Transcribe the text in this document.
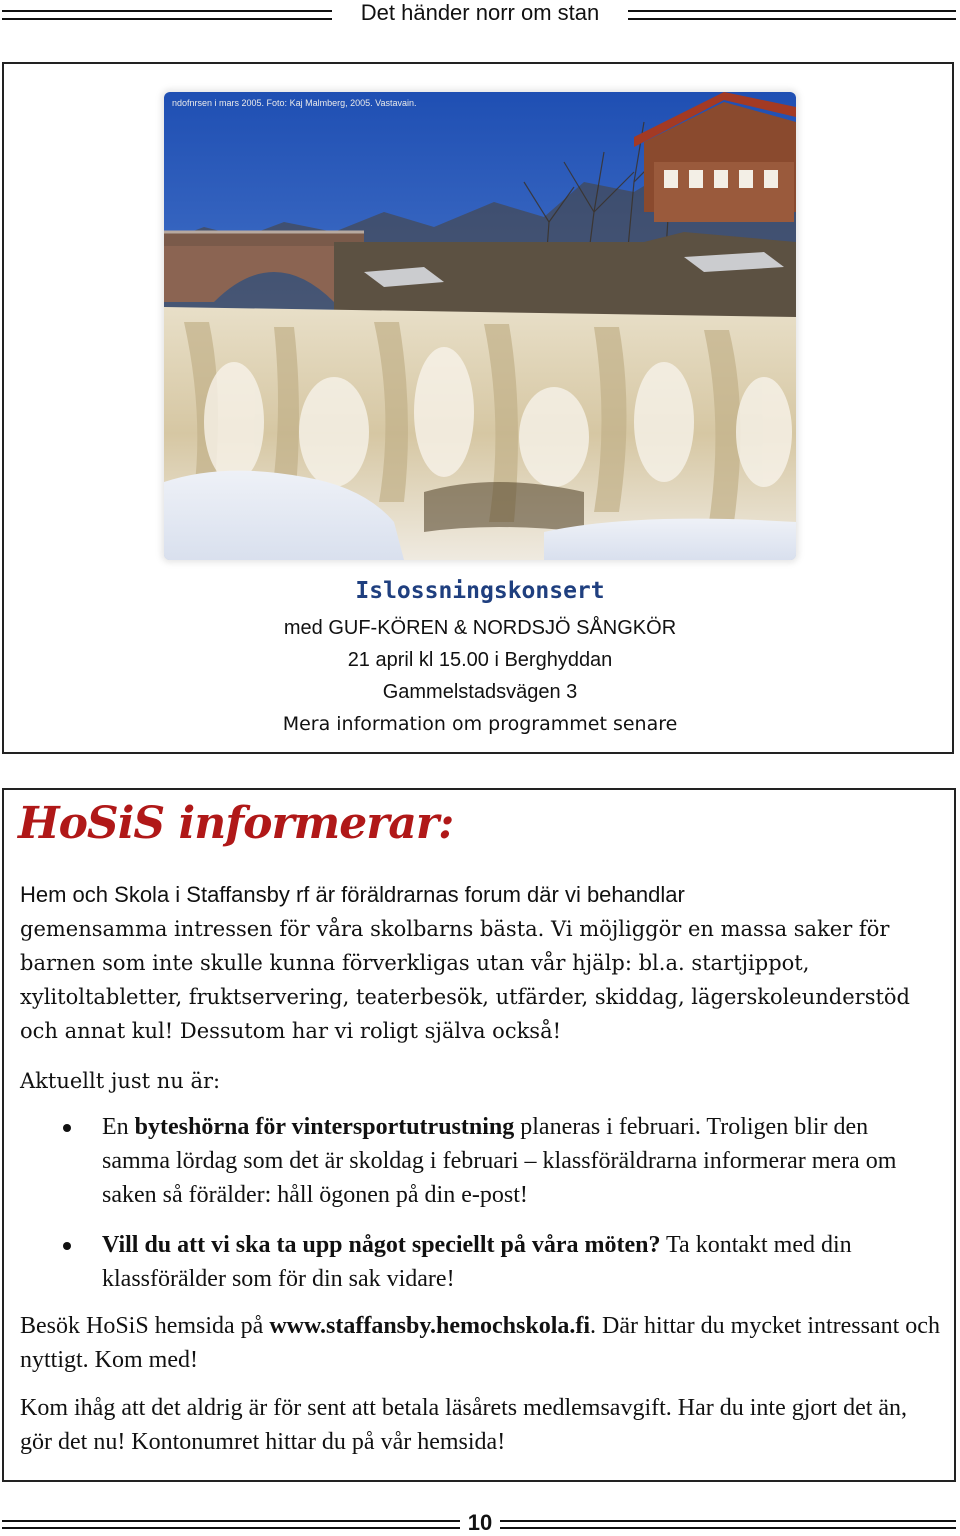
Det händer norr om stan
ndofnrsen i mars 2005. Foto: Kaj Malmberg, 2005. Vastavain.
Islossningskonsert
med GUF-KÖREN & NORDSJÖ SÅNGKÖR
21 april kl 15.00 i Berghyddan
Gammelstadsvägen 3
Mera information om programmet senare
HoSiS informerar:
Hem och Skola i Staffansby rf är föräldrarnas forum där vi behandlar
gemensamma intressen för våra skolbarns bästa. Vi möjliggör en massa saker för barnen som inte skulle kunna förverkligas utan vår hjälp: bl.a. startjippot, xylitoltabletter, fruktservering, teaterbesök, utfärder, skiddag, lägerskoleunderstöd och annat kul! Dessutom har vi roligt själva också!
Aktuellt just nu är:
En byteshörna för vintersportutrustning planeras i februari. Troligen blir den samma lördag som det är skoldag i februari – klassföräldrarna informerar mera om saken så förälder: håll ögonen på din e-post!
Vill du att vi ska ta upp något speciellt på våra möten? Ta kontakt med din klassförälder som för din sak vidare!
Besök HoSiS hemsida på www.staffansby.hemochskola.fi. Där hittar du mycket intressant och nyttigt. Kom med!
Kom ihåg att det aldrig är för sent att betala läsårets medlemsavgift. Har du inte gjort det än, gör det nu! Kontonumret hittar du på vår hemsida!
10
